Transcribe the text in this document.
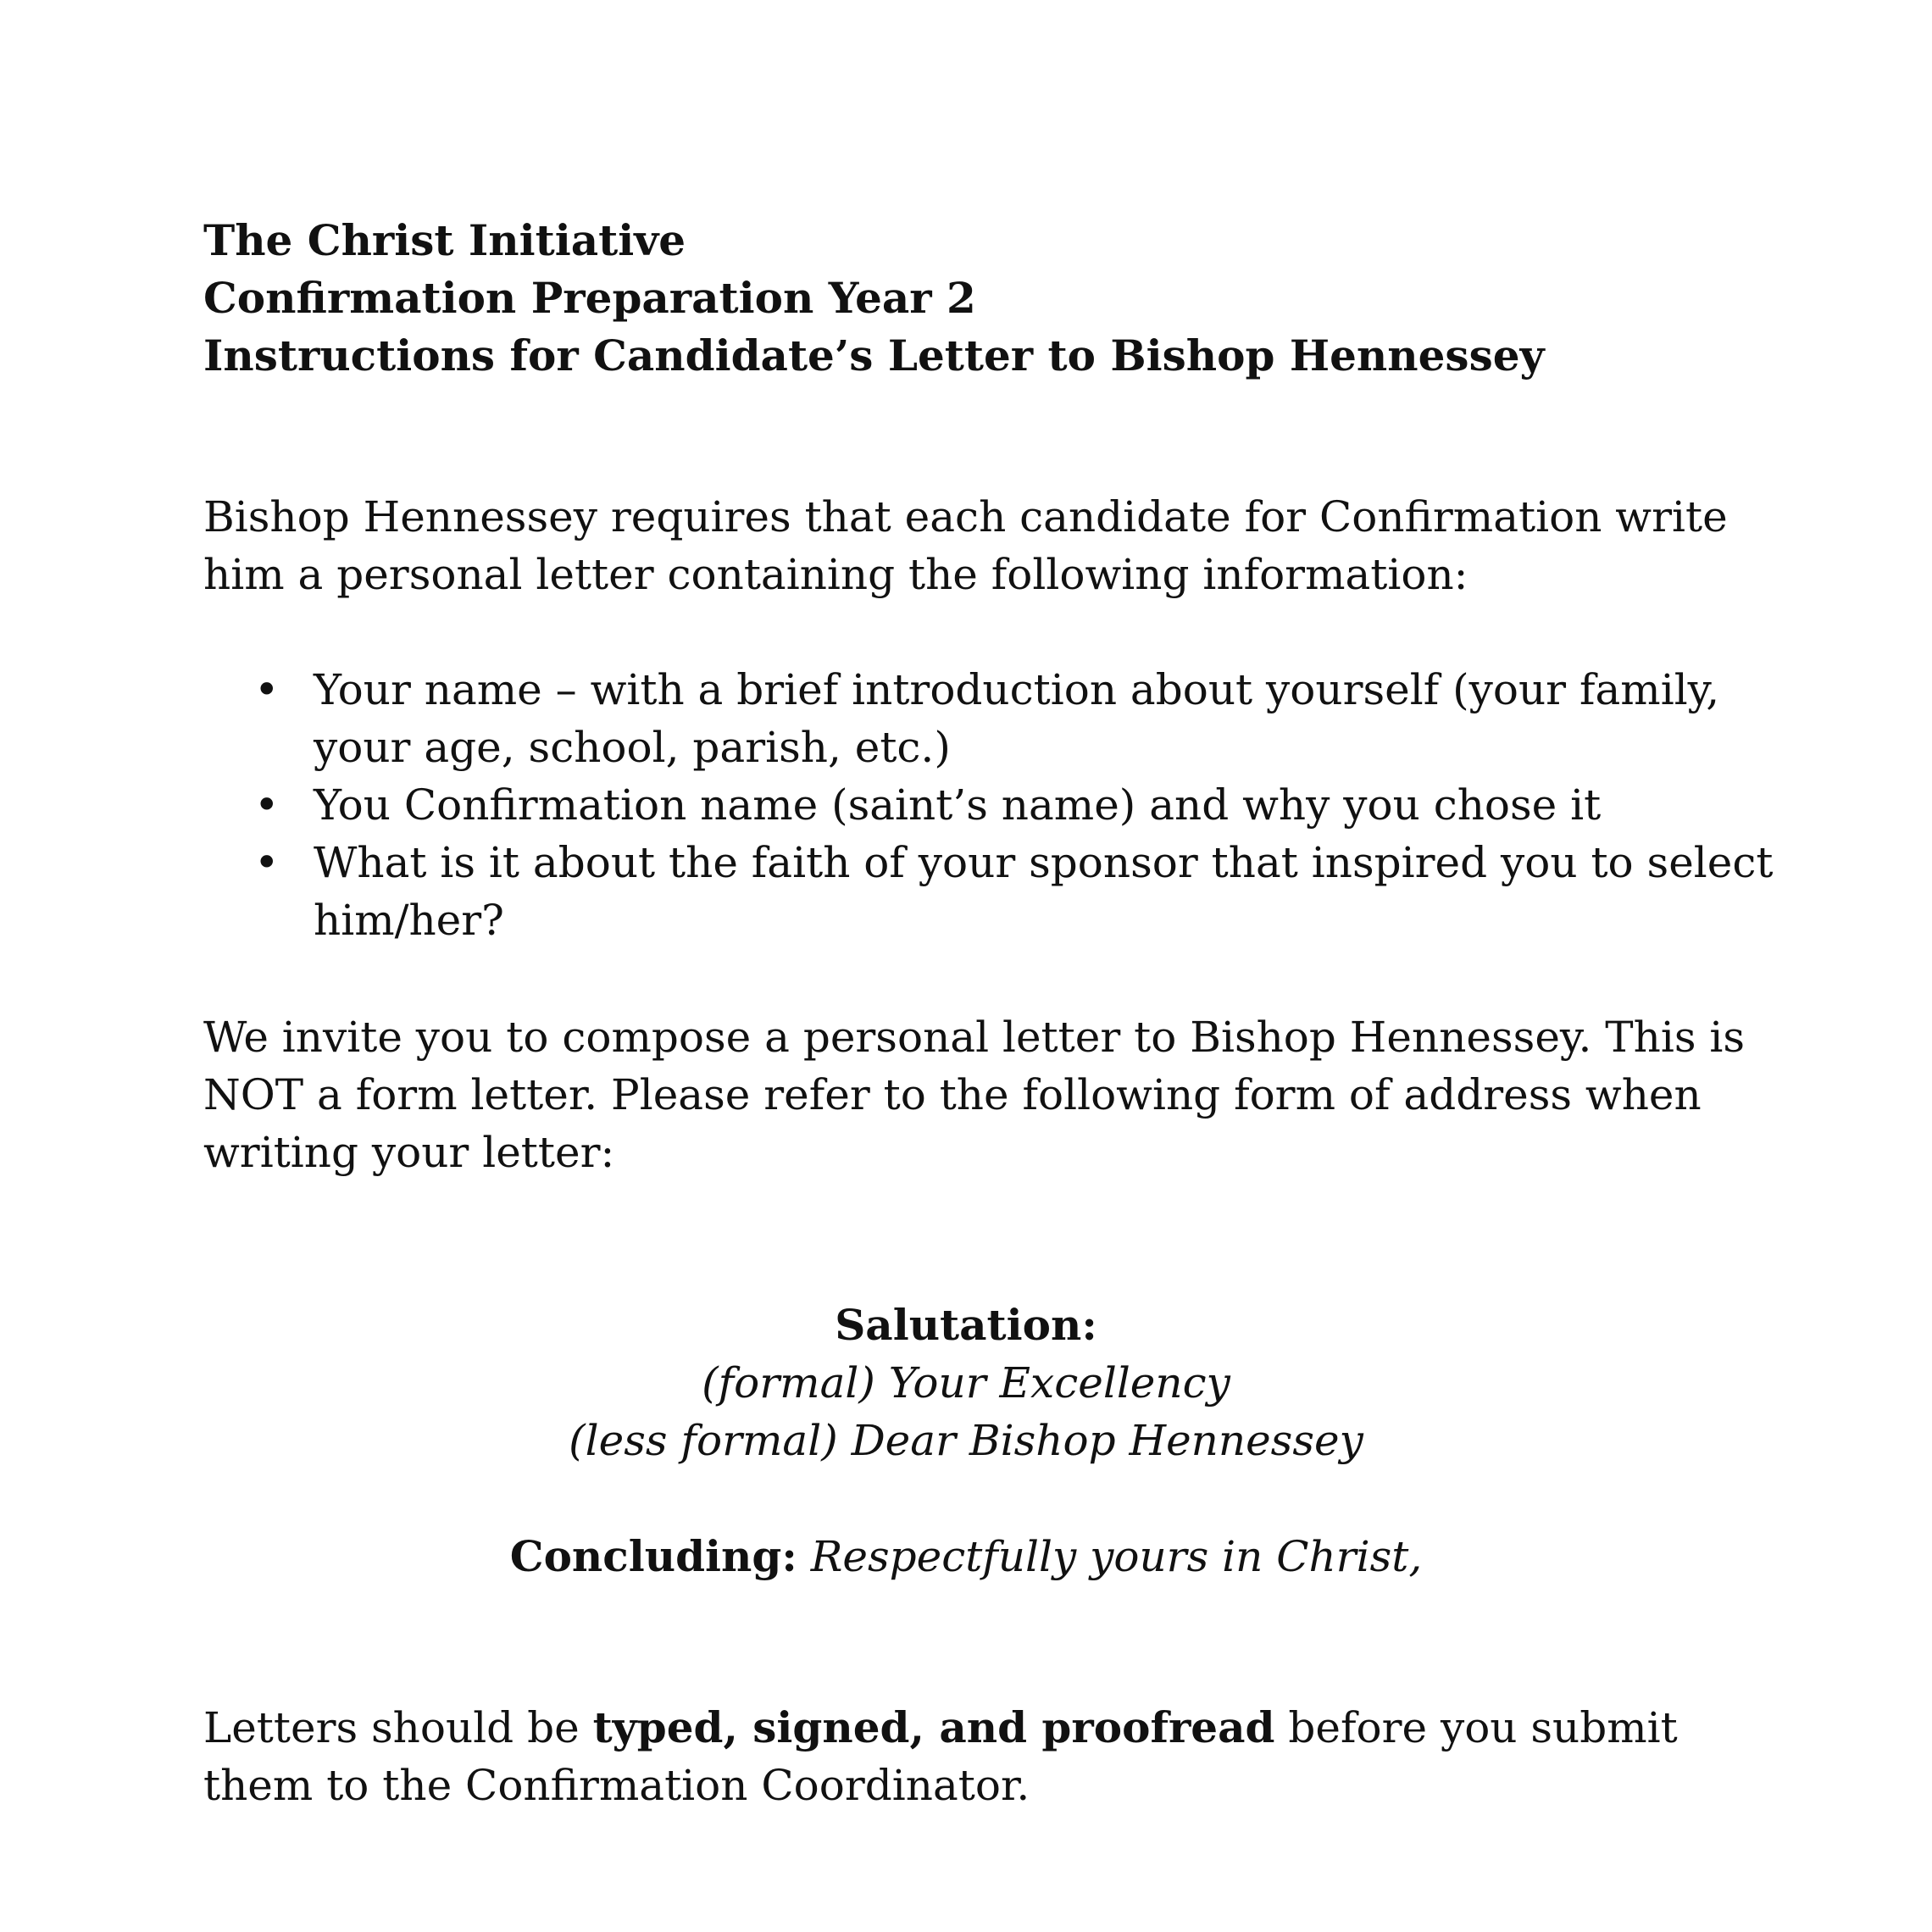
The Christ Initiative
Confirmation Preparation Year 2
Instructions for Candidate’s Letter to Bishop Hennessey
Bishop Hennessey requires that each candidate for Confirmation write him a personal letter containing the following information:
• Your name – with a brief introduction about yourself (your family, your age, school, parish, etc.)
• You Confirmation name (saint’s name) and why you chose it
• What is it about the faith of your sponsor that inspired you to select him/her?
We invite you to compose a personal letter to Bishop Hennessey. This is NOT a form letter. Please refer to the following form of address when writing your letter:
Salutation:
(formal) Your Excellency
(less formal) Dear Bishop Hennessey
Concluding: Respectfully yours in Christ,
Letters should be typed, signed, and proofread before you submit them to the Confirmation Coordinator.
